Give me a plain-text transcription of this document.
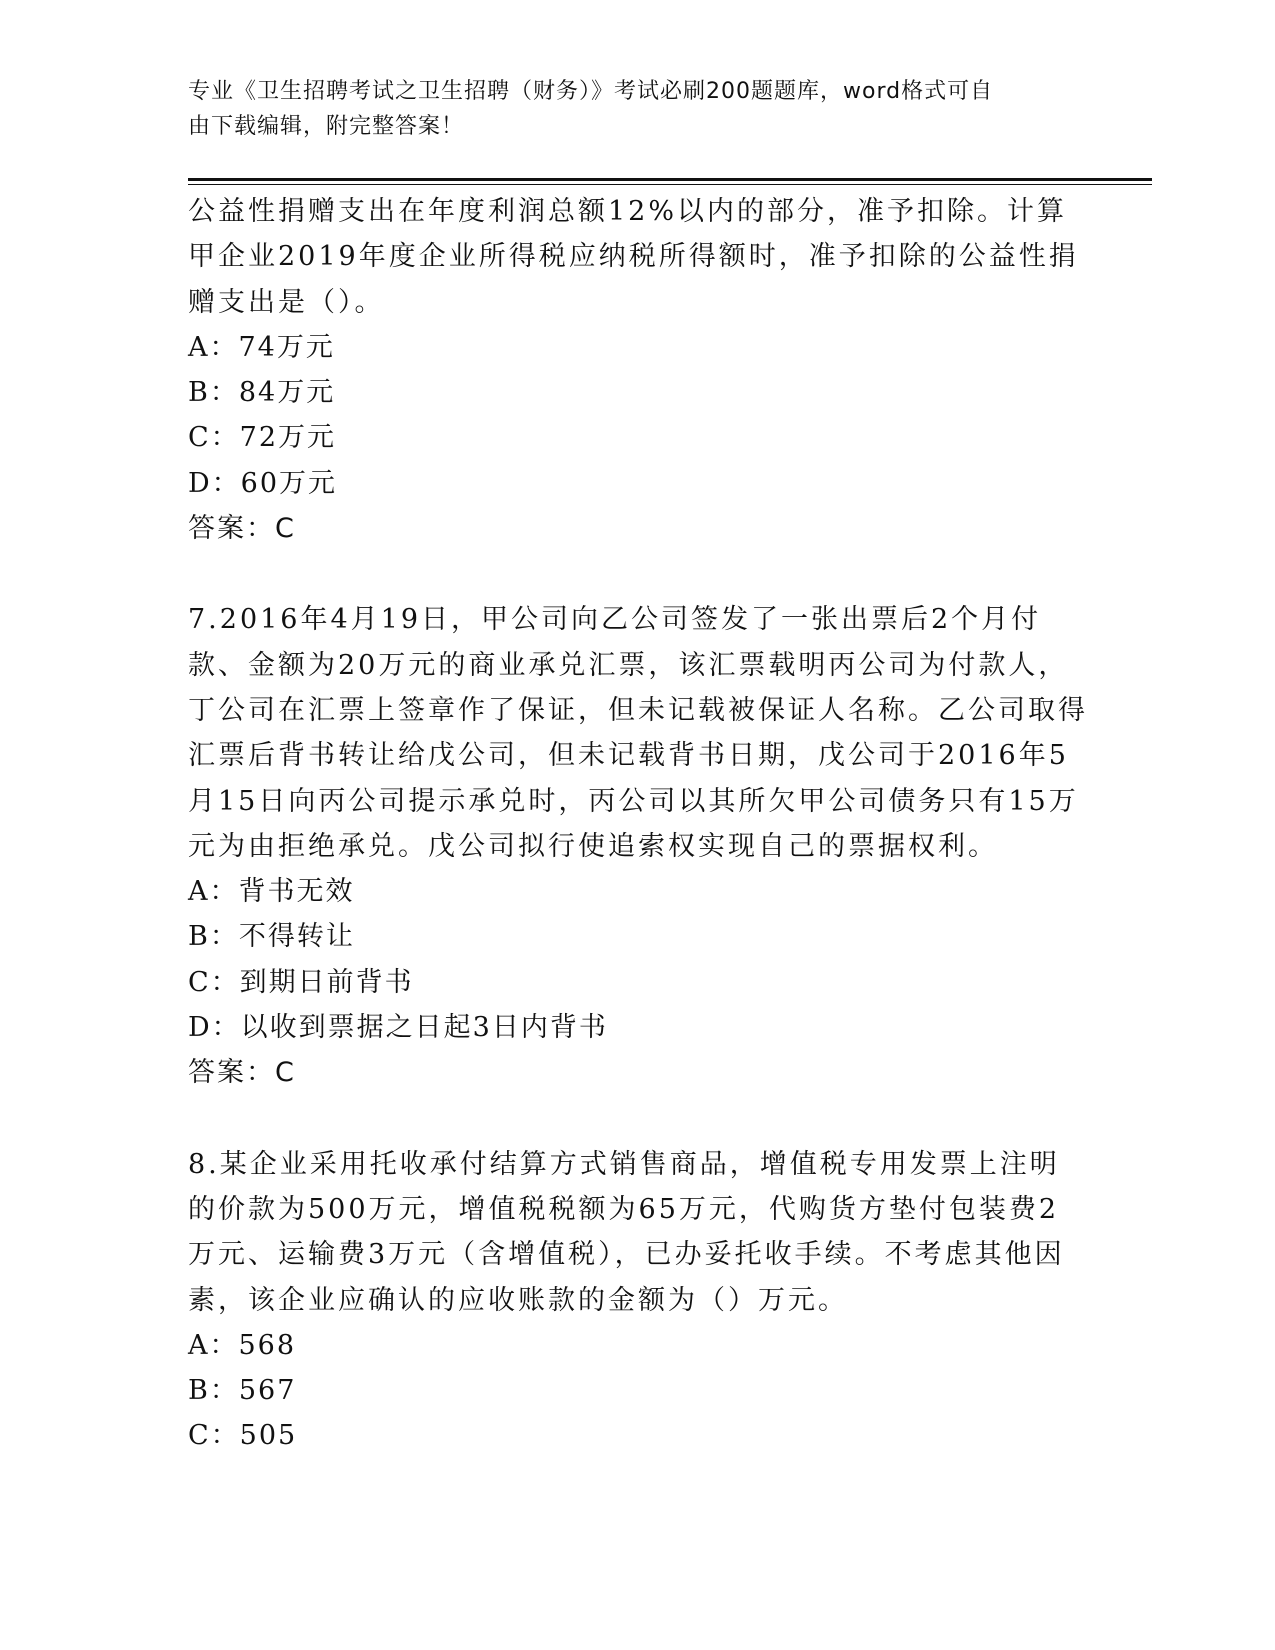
专业《卫生招聘考试之卫生招聘（财务）》考试必刷200题题库，word格式可自
由下载编辑，附完整答案！

公益性捐赠支出在年度利润总额12%以内的部分，准予扣除。计算甲企业2019年度企业所得税应纳税所得额时，准予扣除的公益性捐赠支出是（）。

A：74万元

B：84万元

C：72万元

D：60万元

答案：C

7.2016年4月19日，甲公司向乙公司签发了一张出票后2个月付款、金额为20万元的商业承兑汇票，该汇票载明丙公司为付款人，丁公司在汇票上签章作了保证，但未记载被保证人名称。乙公司取得汇票后背书转让给戊公司，但未记载背书日期，戊公司于2016年5月15日向丙公司提示承兑时，丙公司以其所欠甲公司债务只有15万元为由拒绝承兑。戊公司拟行使追索权实现自己的票据权利。

A：背书无效

B：不得转让

C：到期日前背书

D：以收到票据之日起3日内背书

答案：C

8.某企业采用托收承付结算方式销售商品，增值税专用发票上注明的价款为500万元，增值税税额为65万元，代购货方垫付包装费2万元、运输费3万元（含增值税），已办妥托收手续。不考虑其他因素，该企业应确认的应收账款的金额为（）万元。

A：568

B：567

C：505
